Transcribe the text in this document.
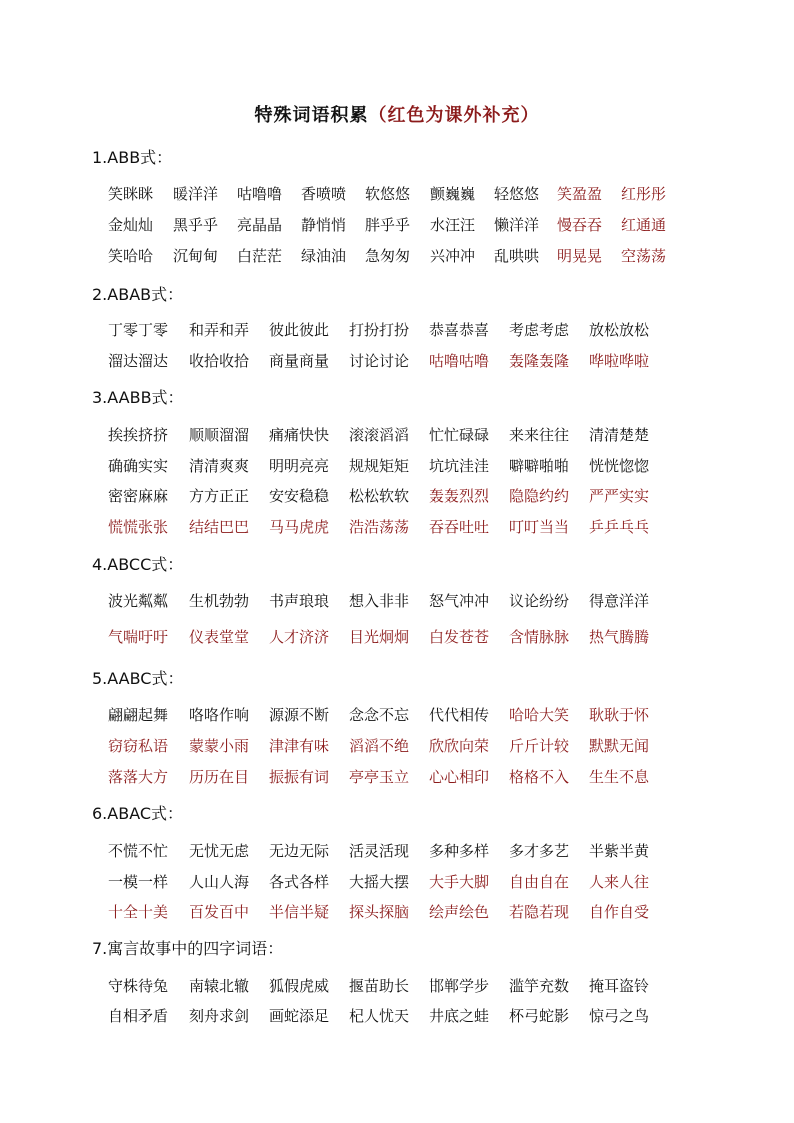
特殊词语积累（红色为课外补充）
1.ABB式：
笑眯眯 暖洋洋 咕噜噜 香喷喷 软悠悠 颤巍巍 轻悠悠 笑盈盈 红彤彤
金灿灿 黑乎乎 亮晶晶 静悄悄 胖乎乎 水汪汪 懒洋洋 慢吞吞 红通通
笑哈哈 沉甸甸 白茫茫 绿油油 急匆匆 兴冲冲 乱哄哄 明晃晃 空荡荡
2.ABAB式：
丁零丁零 和弄和弄 彼此彼此 打扮打扮 恭喜恭喜 考虑考虑 放松放松
溜达溜达 收拾收拾 商量商量 讨论讨论 咕噜咕噜 轰隆轰隆 哗啦哗啦
3.AABB式：
挨挨挤挤 顺顺溜溜 痛痛快快 滚滚滔滔 忙忙碌碌 来来往往 清清楚楚
确确实实 清清爽爽 明明亮亮 规规矩矩 坑坑洼洼 噼噼啪啪 恍恍惚惚
密密麻麻 方方正正 安安稳稳 松松软软 轰轰烈烈 隐隐约约 严严实实
慌慌张张 结结巴巴 马马虎虎 浩浩荡荡 吞吞吐吐 叮叮当当 乒乒乓乓
4.ABCC式：
波光粼粼 生机勃勃 书声琅琅 想入非非 怒气冲冲 议论纷纷 得意洋洋
气喘吁吁 仪表堂堂 人才济济 目光炯炯 白发苍苍 含情脉脉 热气腾腾
5.AABC式：
翩翩起舞 咯咯作响 源源不断 念念不忘 代代相传 哈哈大笑 耿耿于怀
窃窃私语 蒙蒙小雨 津津有味 滔滔不绝 欣欣向荣 斤斤计较 默默无闻
落落大方 历历在目 振振有词 亭亭玉立 心心相印 格格不入 生生不息
6.ABAC式：
不慌不忙 无忧无虑 无边无际 活灵活现 多种多样 多才多艺 半紫半黄
一模一样 人山人海 各式各样 大摇大摆 大手大脚 自由自在 人来人往
十全十美 百发百中 半信半疑 探头探脑 绘声绘色 若隐若现 自作自受
7.寓言故事中的四字词语：
守株待兔 南辕北辙 狐假虎威 揠苗助长 邯郸学步 滥竽充数 掩耳盗铃
自相矛盾 刻舟求剑 画蛇添足 杞人忧天 井底之蛙 杯弓蛇影 惊弓之鸟
